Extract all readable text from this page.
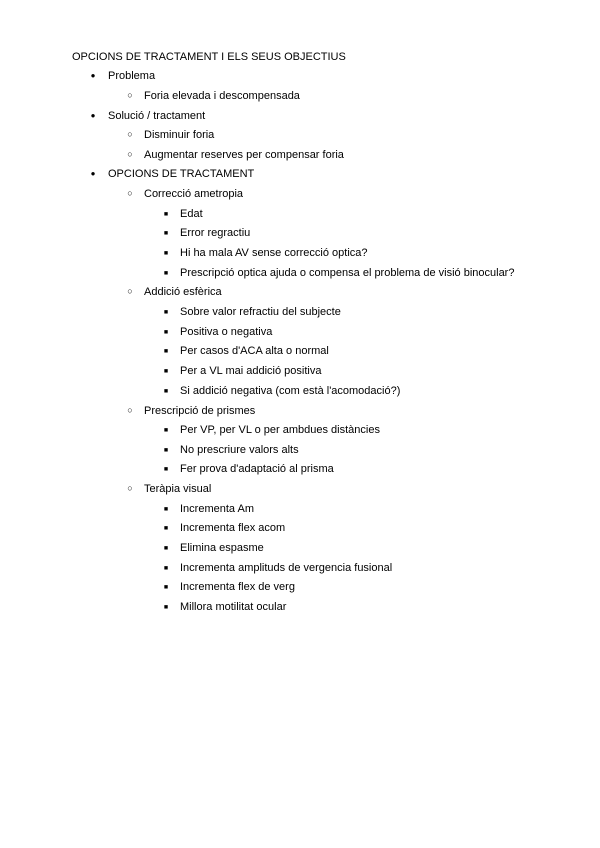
OPCIONS DE TRACTAMENT I ELS SEUS OBJECTIUS
●
Problema
○
Foria elevada i descompensada
●
Solució / tractament
○
Disminuir foria
○
Augmentar reserves per compensar foria
●
OPCIONS DE TRACTAMENT
○
Correcció ametropia
■
Edat
■
Error regractiu
■
Hi ha mala AV sense correcció optica?
■
Prescripció optica ajuda o compensa el problema de visió binocular?
○
Addició esfèrica
■
Sobre valor refractiu del subjecte
■
Positiva o negativa
■
Per casos d'ACA alta o normal
■
Per a VL mai addició positiva
■
Si addició negativa (com està l'acomodació?)
○
Prescripció de prismes
■
Per VP, per VL o per ambdues distàncies
■
No prescriure valors alts
■
Fer prova d'adaptació al prisma
○
Teràpia visual
■
Incrementa Am
■
Incrementa flex acom
■
Elimina espasme
■
Incrementa amplituds de vergencia fusional
■
Incrementa flex de verg
■
Millora motilitat ocular
